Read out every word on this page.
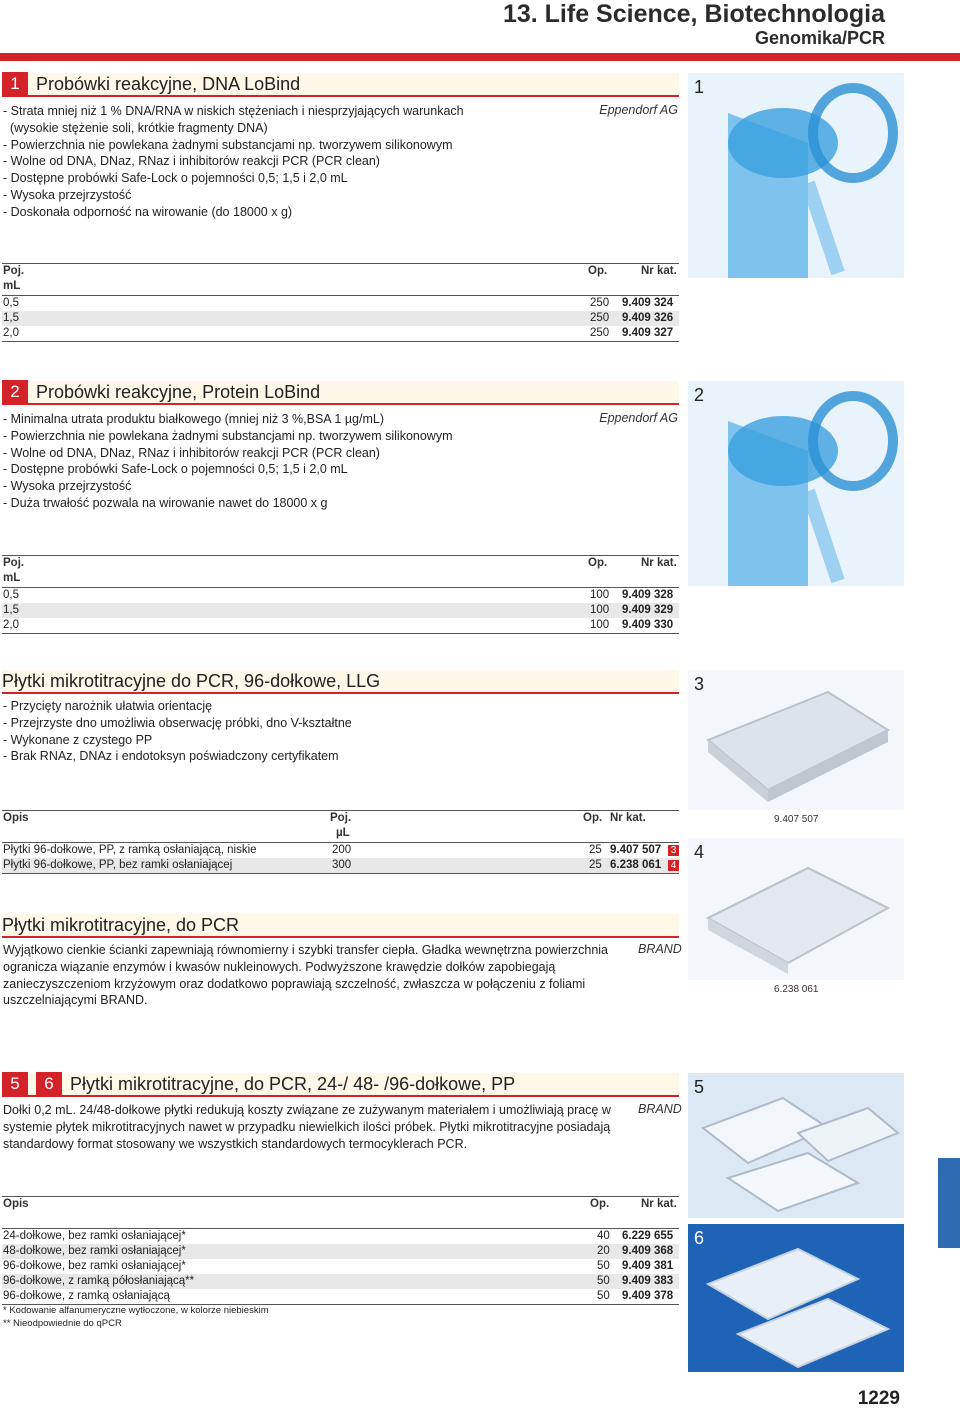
13. Life Science, Biotechnologia
Genomika/PCR
1 Probówki reakcyjne, DNA LoBind
- Strata mniej niż 1 % DNA/RNA w niskich stężeniach i niesprzyjających warunkach
(wysokie stężenie soli, krótkie fragmenty DNA)
- Powierzchnia nie powlekana żadnymi substancjami np. tworzywem silikonowym
- Wolne od DNA, DNaz, RNaz i inhibitorów reakcji PCR (PCR clean)
- Dostępne probówki Safe-Lock o pojemności 0,5; 1,5 i 2,0 mL
- Wysoka przejrzystość
- Doskonała odporność na wirowanie (do 18000 x g)
Eppendorf AG
Poj.
mL
Op.	Nr kat.
0,5	250 9.409 324
1,5	250 9.409 326
2,0	250 9.409 327
1
2 Probówki reakcyjne, Protein LoBind
- Minimalna utrata produktu białkowego (mniej niż 3 %,BSA 1 µg/mL)
- Powierzchnia nie powlekana żadnymi substancjami np. tworzywem silikonowym
- Wolne od DNA, DNaz, RNaz i inhibitorów reakcji PCR (PCR clean)
- Dostępne probówki Safe-Lock o pojemności 0,5; 1,5 i 2,0 mL
- Wysoka przejrzystość
- Duża trwałość pozwala na wirowanie nawet do 18000 x g
Eppendorf AG
Poj.
mL
Op.	Nr kat.
0,5	100 9.409 328
1,5	100 9.409 329
2,0	100 9.409 330
2
Płytki mikrotitracyjne do PCR, 96-dołkowe, LLG
- Przycięty narożnik ułatwia orientację
- Przejrzyste dno umożliwia obserwację próbki, dno V-kształtne
- Wykonane z czystego PP
- Brak RNAz, DNAz i endotoksyn poświadczony certyfikatem
Opis	Poj.
µL
Op. Nr kat.
Płytki 96-dołkowe, PP, z ramką osłaniającą, niskie	200	25 9.407 507 3
Płytki 96-dołkowe, PP, bez ramki osłaniającej	300	25 6.238 061 4
3
9.407 507
4
6.238 061
Płytki mikrotitracyjne, do PCR
Wyjątkowo cienkie ścianki zapewniają równomierny i szybki transfer ciepła. Gładka wewnętrzna powierzchnia ogranicza wiązanie enzymów i kwasów nukleinowych. Podwyższone krawędzie dołków zapobiegają zanieczyszczeniom krzyżowym oraz dodatkowo poprawiają szczelność, zwłaszcza w połączeniu z foliami uszczelniającymi BRAND.
BRAND
5	6 Płytki mikrotitracyjne, do PCR, 24-/ 48- /96-dołkowe, PP
Dołki 0,2 mL. 24/48-dołkowe płytki redukują koszty związane ze zużywanym materiałem i umożliwiają pracę w systemie płytek mikrotitracyjnych nawet w przypadku niewielkich ilości próbek. Płytki mikrotitracyjne posiadają standardowy format stosowany we wszystkich standardowych termocyklerach PCR.
BRAND
Opis	Op.	Nr kat.
24-dołkowe, bez ramki osłaniającej*	40 6.229 655
48-dołkowe, bez ramki osłaniającej*	20 9.409 368
96-dołkowe, bez ramki osłaniającej*	50 9.409 381
96-dołkowe, z ramką półosłaniającą**	50 9.409 383
96-dołkowe, z ramką osłaniającą	50 9.409 378
* Kodowanie alfanumeryczne wytłoczone, w kolorze niebieskim
** Nieodpowiednie do qPCR
5
6
1229
